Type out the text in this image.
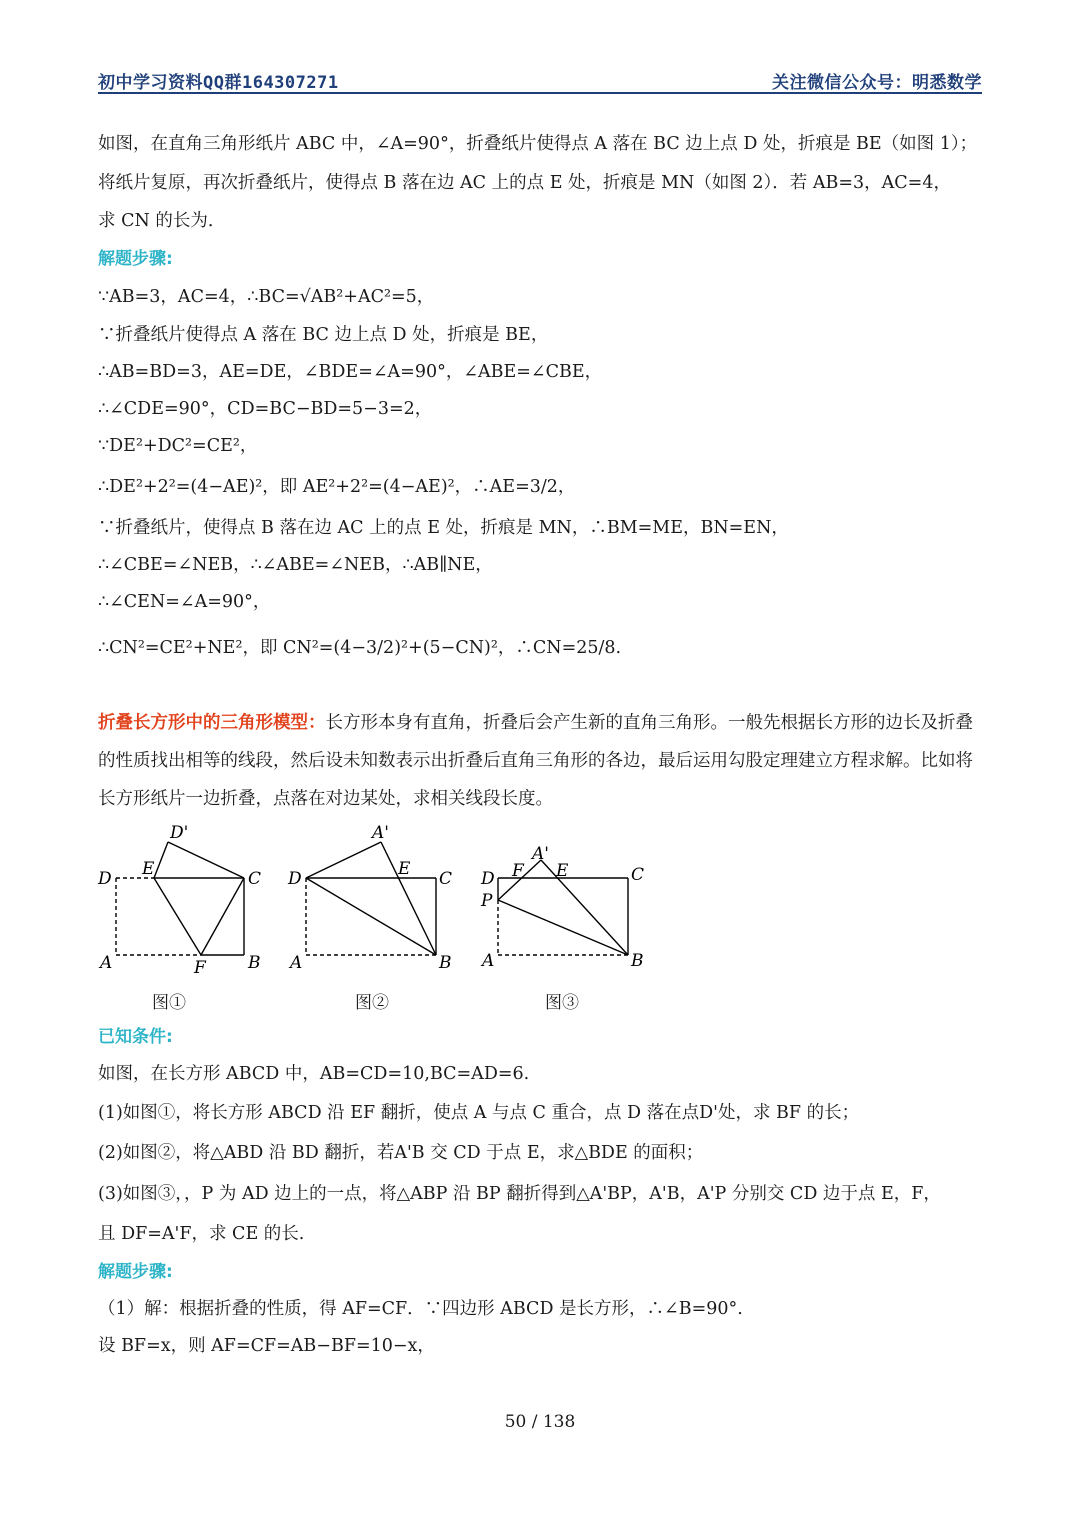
初中学习资料QQ群164307271	关注微信公众号：明悉数学
如图，在直角三角形纸片 ABC 中，∠A=90°，折叠纸片使得点 A 落在 BC 边上点 D 处，折痕是 BE（如图 1）；
将纸片复原，再次折叠纸片，使得点 B 落在边 AC 上的点 E 处，折痕是 MN（如图 2）．若 AB=3，AC=4，
求 CN 的长为．
解题步骤:
∵AB=3，AC=4，∴BC=√AB²+AC²=5，
∵折叠纸片使得点 A 落在 BC 边上点 D 处，折痕是 BE，
∴AB=BD=3，AE=DE，∠BDE=∠A=90°，∠ABE=∠CBE，
∴∠CDE=90°，CD=BC−BD=5−3=2，
∵DE²+DC²=CE²，
∴DE²+2²=(4−AE)²，即 AE²+2²=(4−AE)²，∴AE=3/2，
∵折叠纸片，使得点 B 落在边 AC 上的点 E 处，折痕是 MN，∴BM=ME，BN=EN，
∴∠CBE=∠NEB，∴∠ABE=∠NEB，∴AB∥NE，
∴∠CEN=∠A=90°，
∴CN²=CE²+NE²，即 CN²=(4−3/2)²+(5−CN)²，∴CN=25/8.
折叠长方形中的三角形模型：长方形本身有直角，折叠后会产生新的直角三角形。一般先根据长方形的边长及折叠的性质找出相等的线段，然后设未知数表示出折叠后直角三角形的各边，最后运用勾股定理建立方程求解。比如将长方形纸片一边折叠，点落在对边某处，求相关线段长度。
D'
E
D	C
A	F B
A'
E
D	C
A	B
A'
F E
D	C
P
A	B
图①	图②	图③
已知条件:
如图，在长方形 ABCD 中，AB=CD=10,BC=AD=6.
(1)如图①，将长方形 ABCD 沿 EF 翻折，使点 A 与点 C 重合，点 D 落在点D'处，求 BF 的长；
(2)如图②，将△ABD 沿 BD 翻折，若A'B 交 CD 于点 E，求△BDE 的面积；
(3)如图③，，P 为 AD 边上的一点，将△ABP 沿 BP 翻折得到△A'BP，A'B，A'P 分别交 CD 边于点 E，F，
且 DF=A'F，求 CE 的长.
解题步骤:
（1）解：根据折叠的性质，得 AF=CF．∵四边形 ABCD 是长方形，∴∠B=90°.
设 BF=x，则 AF=CF=AB−BF=10−x，
50 / 138
